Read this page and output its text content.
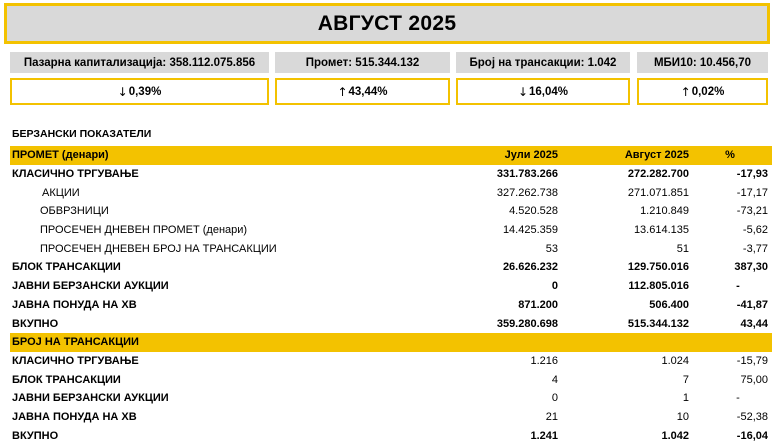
АВГУСТ 2025
Пазарна капитализација: 358.112.075.856
↓ 0,39%
Промет: 515.344.132
↑ 43,44%
Број на трансакции: 1.042
↓ 16,04%
МБИ10: 10.456,70
↑ 0,02%
БЕРЗАНСКИ ПОКАЗАТЕЛИ
ПРОМЕТ (денари)	Јули 2025	Август 2025	%
КЛАСИЧНО ТРГУВАЊЕ	331.783.266	272.282.700	-17,93
АКЦИИ	327.262.738	271.071.851	-17,17
ОБВРЗНИЦИ	4.520.528	1.210.849	-73,21
ПРОСЕЧЕН ДНЕВЕН ПРОМЕТ (денари)	14.425.359	13.614.135	-5,62
ПРОСЕЧЕН ДНЕВЕН БРОЈ НА ТРАНСАКЦИИ	53	51	-3,77
БЛОК ТРАНСАКЦИИ	26.626.232	129.750.016	387,30
ЈАВНИ БЕРЗАНСКИ АУКЦИИ	0	112.805.016	-
ЈАВНА ПОНУДА НА ХВ	871.200	506.400	-41,87
ВКУПНО	359.280.698	515.344.132	43,44
БРОЈ НА ТРАНСАКЦИИ
КЛАСИЧНО ТРГУВАЊЕ	1.216	1.024	-15,79
БЛОК ТРАНСАКЦИИ	4	7	75,00
ЈАВНИ БЕРЗАНСКИ АУКЦИИ	0	1	-
ЈАВНА ПОНУДА НА ХВ	21	10	-52,38
ВКУПНО	1.241	1.042	-16,04
